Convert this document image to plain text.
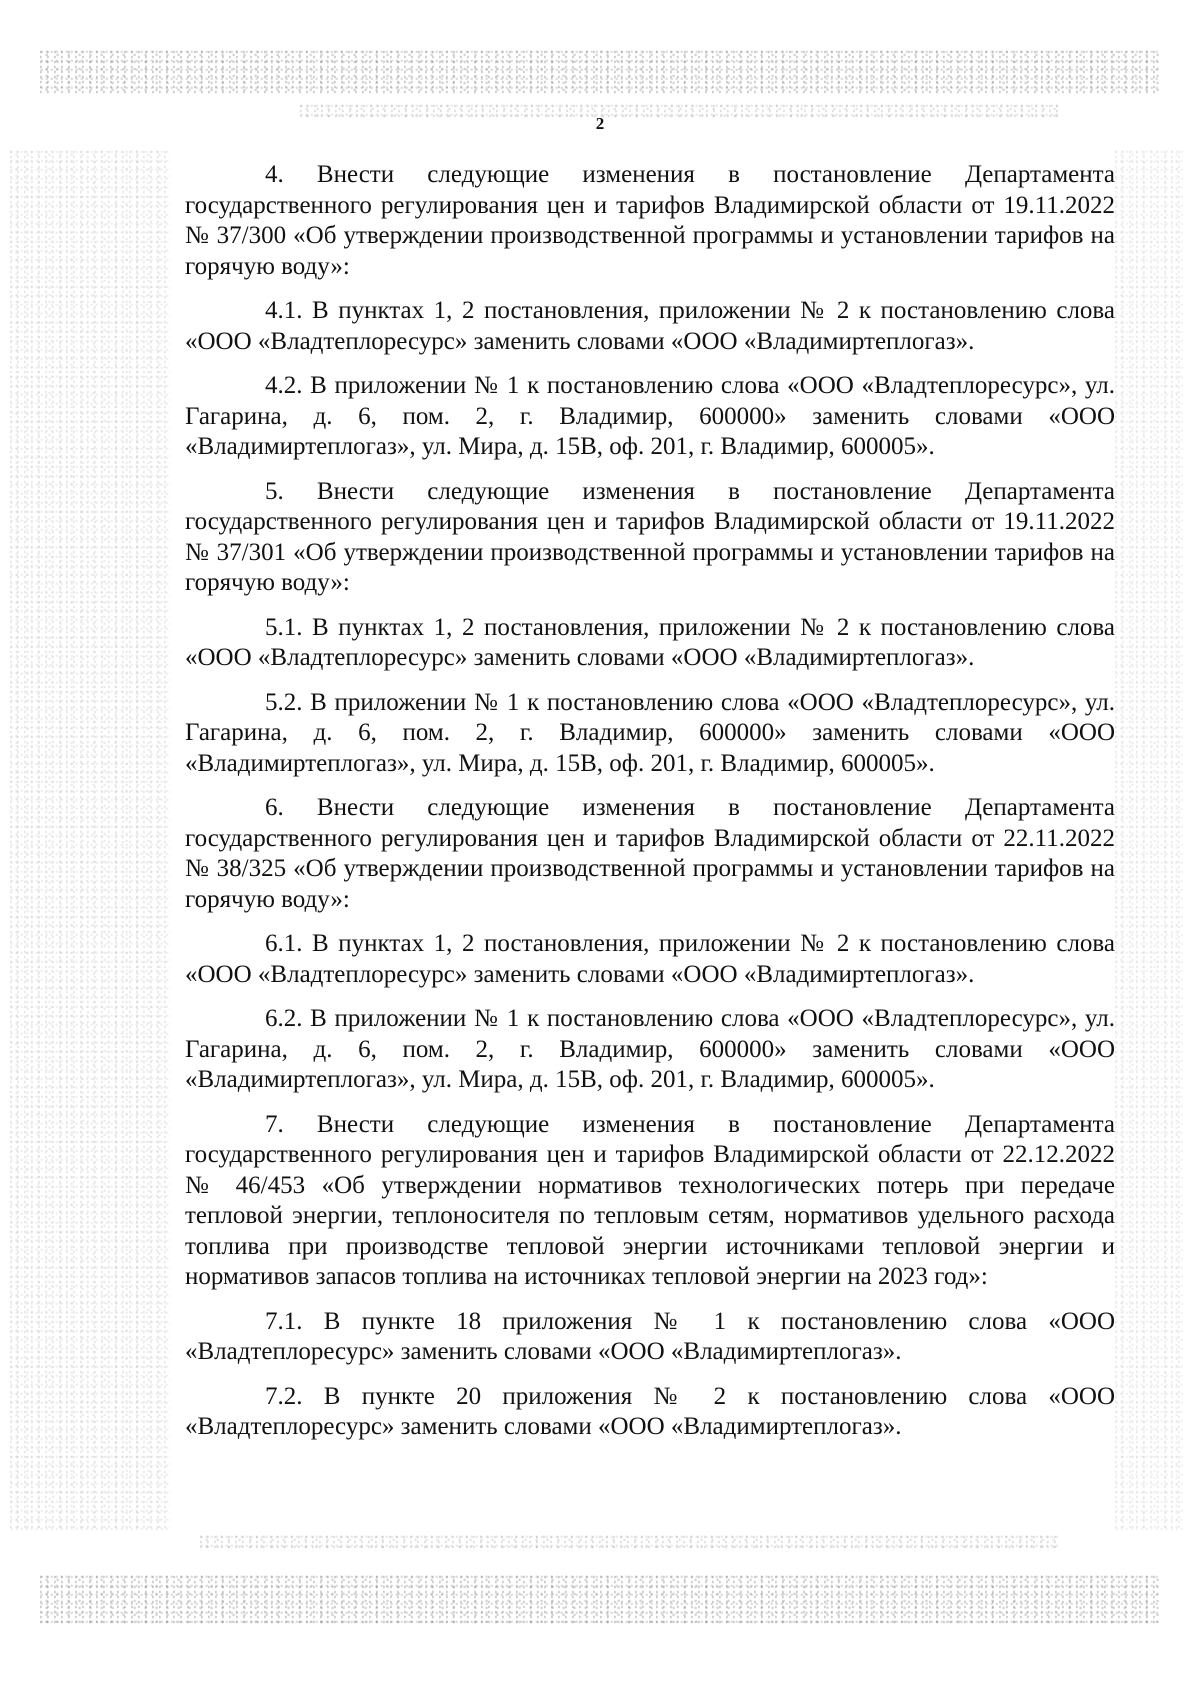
2

4. Внести следующие изменения в постановление Департамента государственного регулирования цен и тарифов Владимирской области от 19.11.2022 № 37/300 «Об утверждении производственной программы и установлении тарифов на горячую воду»:

4.1. В пунктах 1, 2 постановления, приложении № 2 к постановлению слова «ООО «Владтеплоресурс» заменить словами «ООО «Владимиртеплогаз».

4.2. В приложении № 1 к постановлению слова «ООО «Владтеплоресурс», ул. Гагарина, д. 6, пом. 2, г. Владимир, 600000» заменить словами «ООО «Владимиртеплогаз», ул. Мира, д. 15В, оф. 201, г. Владимир, 600005».

5. Внести следующие изменения в постановление Департамента государственного регулирования цен и тарифов Владимирской области от 19.11.2022 № 37/301 «Об утверждении производственной программы и установлении тарифов на горячую воду»:

5.1. В пунктах 1, 2 постановления, приложении № 2 к постановлению слова «ООО «Владтеплоресурс» заменить словами «ООО «Владимиртеплогаз».

5.2. В приложении № 1 к постановлению слова «ООО «Владтеплоресурс», ул. Гагарина, д. 6, пом. 2, г. Владимир, 600000» заменить словами «ООО «Владимиртеплогаз», ул. Мира, д. 15В, оф. 201, г. Владимир, 600005».

6. Внести следующие изменения в постановление Департамента государственного регулирования цен и тарифов Владимирской области от 22.11.2022 № 38/325 «Об утверждении производственной программы и установлении тарифов на горячую воду»:

6.1. В пунктах 1, 2 постановления, приложении № 2 к постановлению слова «ООО «Владтеплоресурс» заменить словами «ООО «Владимиртеплогаз».

6.2. В приложении № 1 к постановлению слова «ООО «Владтеплоресурс», ул. Гагарина, д. 6, пом. 2, г. Владимир, 600000» заменить словами «ООО «Владимиртеплогаз», ул. Мира, д. 15В, оф. 201, г. Владимир, 600005».

7. Внести следующие изменения в постановление Департамента государственного регулирования цен и тарифов Владимирской области от 22.12.2022 № 46/453 «Об утверждении нормативов технологических потерь при передаче тепловой энергии, теплоносителя по тепловым сетям, нормативов удельного расхода топлива при производстве тепловой энергии источниками тепловой энергии и нормативов запасов топлива на источниках тепловой энергии на 2023 год»:

7.1. В пункте 18 приложения № 1 к постановлению слова «ООО «Владтеплоресурс» заменить словами «ООО «Владимиртеплогаз».

7.2. В пункте 20 приложения № 2 к постановлению слова «ООО «Владтеплоресурс» заменить словами «ООО «Владимиртеплогаз».
